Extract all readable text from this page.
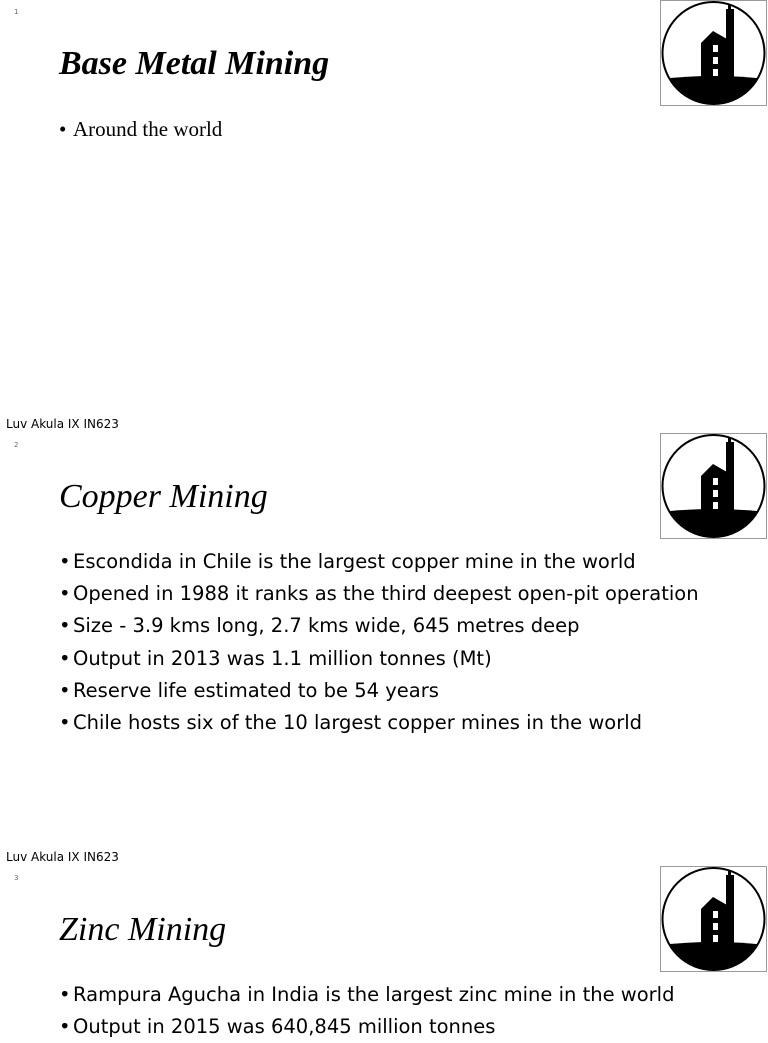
1
Base Metal Mining
• Around the world
Luv Akula IX IN623
2
Copper Mining
• Escondida in Chile is the largest copper mine in the world
• Opened in 1988 it ranks as the third deepest open-pit operation
• Size - 3.9 kms long, 2.7 kms wide, 645 metres deep
• Output in 2013 was 1.1 million tonnes (Mt)
• Reserve life estimated to be 54 years
• Chile hosts six of the 10 largest copper mines in the world
Luv Akula IX IN623
3
Zinc Mining
• Rampura Agucha in India is the largest zinc mine in the world
• Output in 2015 was 640,845 million tonnes
